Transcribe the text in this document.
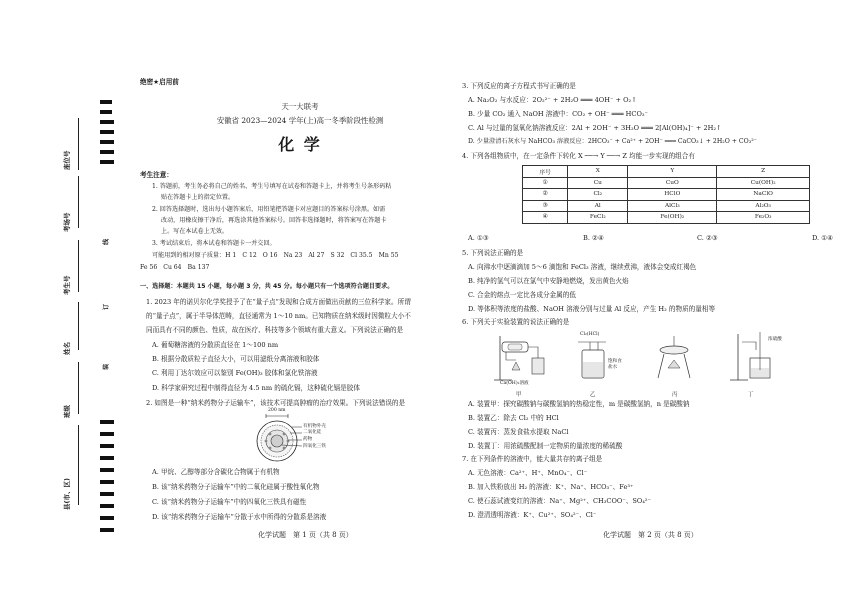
座位号
考场号
考生号
姓名
班级
县(市、区)
线
订
装
绝密★启用前
天一大联考
安徽省 2023—2024 学年(上)高一冬季阶段性检测
化 学
考生注意：
1. 答题前，考生务必将自己的姓名、考生号填写在试卷和答题卡上，并将考生号条形码粘
贴在答题卡上的指定位置。
2. 回答选择题时，选出每小题答案后，用铅笔把答题卡对应题目的答案标号涂黑。如需
改动，用橡皮擦干净后，再选涂其他答案标号。回答非选择题时，将答案写在答题卡
上。写在本试卷上无效。
3. 考试结束后，将本试卷和答题卡一并交回。
可能用到的相对原子质量：H 1　C 12　O 16　Na 23　Al 27　S 32　Cl 35.5　Mn 55
Fe 56　Cu 64　Ba 137
一、选择题：本题共 15 小题，每小题 3 分，共 45 分。每小题只有一个选项符合题目要求。
1. 2023 年的诺贝尔化学奖授予了在“量子点”发现和合成方面做出贡献的三位科学家。所谓
的“量子点”，属于半导体范畴，直径通常为 1～10 nm。已知物质在纳米级时因微粒大小不
同而具有不同的颜色、性质，故在医疗、科技等多个领域有重大意义。下列说法正确的是
A. 葡萄糖溶液的分散质直径在 1～100 nm
B. 根据分散质粒子直径大小，可以用滤纸分离溶液和胶体
C. 利用丁达尔效应可以鉴别 Fe(OH)₃ 胶体和氯化铁溶液
D. 科学家研究过程中制得直径为 4.5 nm 的硫化镉，这种硫化镉是胶体
2. 如图是一种“纳米药物分子运输车”，该技术可提高肿瘤的治疗效果。下列说法错误的是
200 nm
有机物外壳
二氧化硅
药物
四氧化三铁
A. 甲烷、乙醇等部分含碳化合物属于有机物
B. 该“纳米药物分子运输车”中的二氧化硅属于酸性氧化物
C. 该“纳米药物分子运输车”中的四氧化三铁具有磁性
D. 该“纳米药物分子运输车”分散于水中所得的分散系是溶液
化学试题　第 1 页（共 8 页）
3. 下列反应的离子方程式书写正确的是
A. Na₂O₂ 与水反应：2O₂²⁻ + 2H₂O ═══ 4OH⁻ + O₂↑
B. 少量 CO₂ 通入 NaOH 溶液中：CO₂ + OH⁻ ═══ HCO₃⁻
C. Al 与过量的氢氧化钠溶液反应：2Al + 2OH⁻ + 3H₂O ═══ 2[Al(OH)₄]⁻ + 2H₂↑
D. 少量澄清石灰水与 NaHCO₃ 溶液反应：2HCO₃⁻ + Ca²⁺ + 2OH⁻ ═══ CaCO₃↓ + 2H₂O + CO₃²⁻
4. 下列各组物质中，在一定条件下转化 X ──→ Y ──→ Z 均能一步实现的组合有
序号	X	Y	Z
①	Cu	CuO	Cu(OH)₂
②	Cl₂	HClO	NaClO
③	Al	AlCl₃	Al₂O₃
④	FeCl₂	Fe(OH)₂	Fe₂O₃
A. ①③	B. ②④	C. ②③	D. ①④
5. 下列说法正确的是
A. 向沸水中逐滴滴加 5～6 滴饱和 FeCl₃ 溶液，继续煮沸，液体会变成红褐色
B. 纯净的氢气可以在氯气中安静地燃烧，发出黄色火焰
C. 合金的熔点一定比各成分金属的低
D. 等体积等浓度的盐酸、NaOH 溶液分别与过量 Al 反应，产生 H₂ 的物质的量相等
6. 下列关于实验装置的说法正确的是
Ca(OH)₂溶液
Cl₂(HCl)
饱和食盐水
浓硫酸
甲	乙	丙	丁
A. 装置甲：探究碳酸钠与碳酸氢钠的热稳定性，m 是碳酸氢钠，n 是碳酸钠
B. 装置乙：除去 Cl₂ 中的 HCl
C. 装置丙：蒸发食盐水提取 NaCl
D. 装置丁：用浓硫酸配制一定物质的量浓度的稀硫酸
7. 在下列条件的溶液中，能大量共存的离子组是
A. 无色溶液：Ca²⁺、H⁺、MnO₄⁻、Cl⁻
B. 加入铁粉放出 H₂ 的溶液：K⁺、Na⁺、HCO₃⁻、Fe³⁺
C. 使石蕊试液变红的溶液：Na⁺、Mg²⁺、CH₃COO⁻、SO₄²⁻
D. 澄清透明溶液：K⁺、Cu²⁺、SO₄²⁻、Cl⁻
化学试题　第 2 页（共 8 页）
